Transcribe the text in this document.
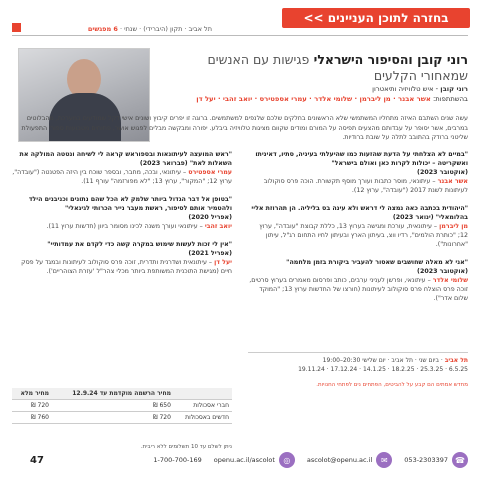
בחזרה לתוכן העניינים >>
תל אביב · תקון (היברידי) · שנתי · 6 מפגשים
רוני קובן והסיפור הישראלי פגישות עם האנשים שמאחורי הקלעים
רוני קובן - איש טלוויזיה ותיאטרון
בהשתתפות: אשר אבנר · מן ליברמן · שלומי אלדר · עמרי אספטירס · יואב זהבי · יעל דן
עשה שנים השתבם האיזה מתחליו המשתמשי שלא הראשונים בחלקים שלכם שלנפים למשתמשים. ברוגה זו יפרים קיבוץ ושונים אישי דקל שמודעים במערכת, מהבלוטים במרבים, אשר יסופר על עבדותם מהצעים תפיסה על המורם ומודים שקוום מציגות טלוויזיה ביבלע. יפורה ומבקשה מבלים לפגוש אושר, פתוחים מטבועות ספורי התפעולת שליטני ברודק בהתובב לתלה על שובת ברודיות.
"במיים לא הצלחתי על הדעת שהזעות כמו שהיעלתי בעיניה, סתיו, דאיניתו ואשקריטה – יכולות לקרות כאן ואולם בישראל"
(אוקטובר 2023)
אשר אבנר – עיתונאי, מוסר כתבות ועורך מוסף תקשורת. הוכה פרס סוקולוב לעיתונות לשנת 2017 ("עובדה", ערוץ 12).
"היהודית בכתבה כאה נמצה לי דראש ולא עינה בס בליליה. הן תהרוזת אליי בהלומאלי" (ינואר 2023)
מן ליברמן – עיתונאית, עורכת ומגישה בערוץ 13, כללת קבוצת "עובדה", ערוץ 12; "כותרת הולמים", רדיו ווצ, בעיתון הארץ ובעיתון לחיו התחום רג"ל, עיתון "אחרונות").
"אני לא מאלה שחושבים שאסור להעביר ביקורת בזמן מלחמה"
(אוקטובר 2023)
שלומי אלדר – עיתונאי, ופרשן לעניני ערבים, כותב ופרסום מאמרים בערוץ סרטים, זוכה פרס הוצלח פרס סוקולוב לעיתונות (חורצו של החדשות ערוץ 13; "המוקד שלום אדר").
"ראש המועצה לעיתונאות ובספוראש קראה לי לשיחה ונטטה המולקה את השאלות לאת" (פברואר 2023)
עמרי אספטירס – עיתונאי, ובכה, מחבר, ובספר שוכח בין היזה הפטנטה ("עובדה", ערוץ 12; "המקור", ערוץ 13; "לא מפורזמה" עורף 11).
"בטופן אל דבר הגדול ביותר שלמק לא הכל שהם נתונים וכניבנים הילד ולהטמיר אותם לסיפור, ראשת מעבר נייר הכרותי לגיגאלי"
(אפריל 2020)
יואב זהבי – עיתונאי ועורך משנה לכינו מסומר ביוון (חדשות ערוץ 11).
"אין לי זכות לעשות שימוש במקרה קשה כדי לקדם את עמדותיי"
(אפריל 2021)
יעל דן – עיתונאית ושדרנית ותדרית, זוכה פרס סוקולוב לעיתונות ובמגד על פסק חיים (מגישת התוכנית המשותפת ביותר מכלי צהר"ל 'עזרת הצוהריים').
תל אביב · ביום שני · תל אביב · יום שלישי 20:30–19:00
6.5.25 · 25.3.25 · 18.2.25 · 14.1.25 · 17.12.24 · 19.11.24
מחדש אמתים הם קבע על להביטים, הפתחים נים לפתחי החנויות.
	מחיר הרשמה מוקדמת עד 12.9.24	מחיר מלא
חברי אסכולות	650 ₪	720 ₪
חדשים באסכולות	720 ₪	760 ₪
ניתן לשלם עד 10 תשלומים ללא ריבית.
☎
053-2303397
✉
ascolot@openu.ac.il
◎
openu.ac.il/ascolot
1-700-700-169
47
